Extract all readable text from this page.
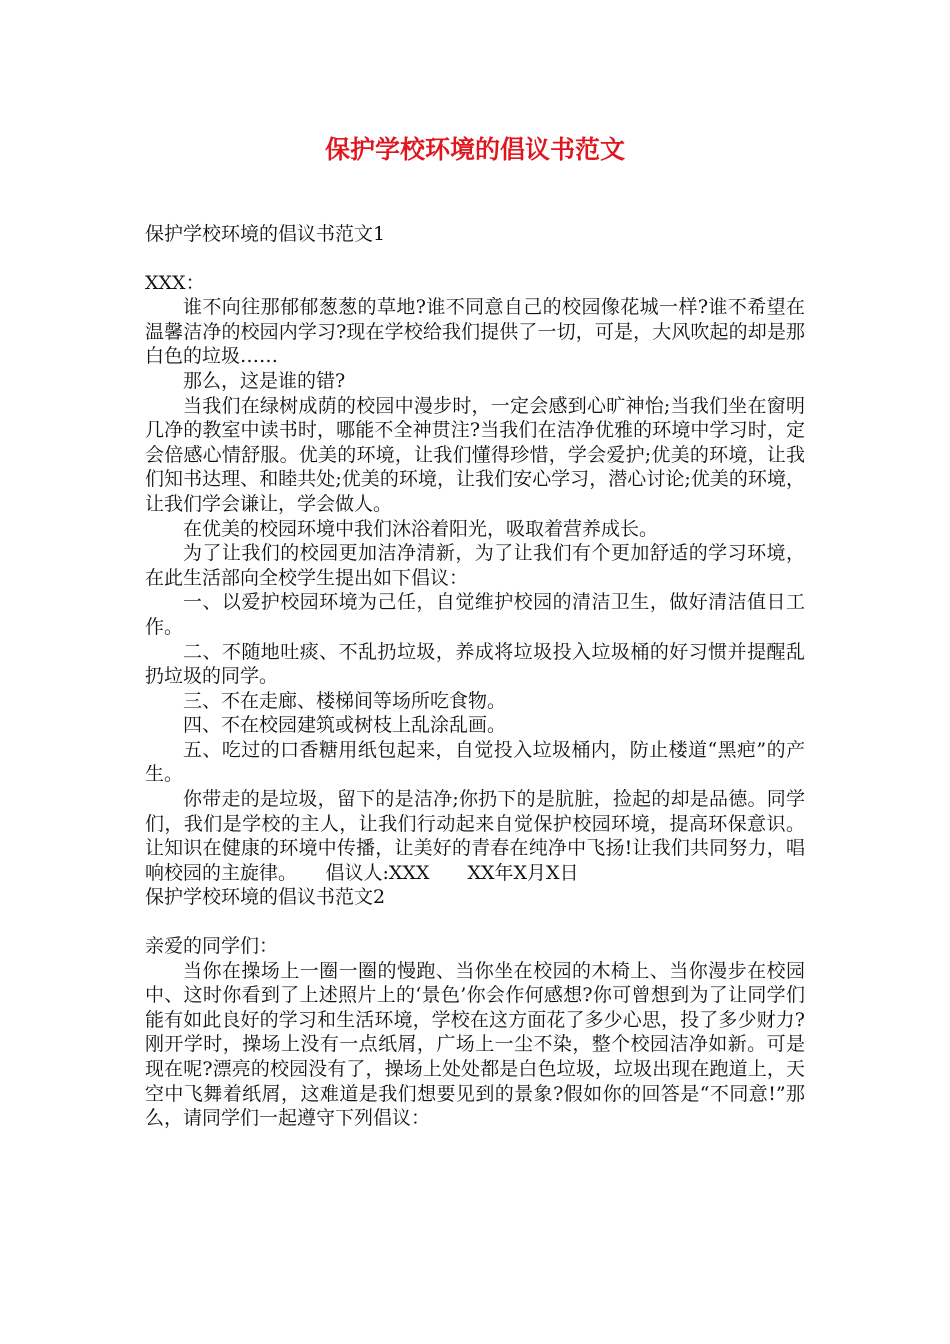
保护学校环境的倡议书范文

保护学校环境的倡议书范文1

XXX：

谁不向往那郁郁葱葱的草地?谁不同意自己的校园像花城一样?谁不希望在温馨洁净的校园内学习?现在学校给我们提供了一切，可是，大风吹起的却是那白色的垃圾……

那么，这是谁的错?

当我们在绿树成荫的校园中漫步时，一定会感到心旷神怡;当我们坐在窗明几净的教室中读书时，哪能不全神贯注?当我们在洁净优雅的环境中学习时，定会倍感心情舒服。优美的环境，让我们懂得珍惜，学会爱护;优美的环境，让我们知书达理、和睦共处;优美的环境，让我们安心学习，潜心讨论;优美的环境，让我们学会谦让，学会做人。

在优美的校园环境中我们沐浴着阳光，吸取着营养成长。

为了让我们的校园更加洁净清新，为了让我们有个更加舒适的学习环境，在此生活部向全校学生提出如下倡议：

一、以爱护校园环境为己任，自觉维护校园的清洁卫生，做好清洁值日工作。

二、不随地吐痰、不乱扔垃圾，养成将垃圾投入垃圾桶的好习惯并提醒乱扔垃圾的同学。

三、不在走廊、楼梯间等场所吃食物。

四、不在校园建筑或树枝上乱涂乱画。

五、吃过的口香糖用纸包起来，自觉投入垃圾桶内，防止楼道“黑疤”的产生。

你带走的是垃圾，留下的是洁净;你扔下的是肮脏，捡起的却是品德。同学们，我们是学校的主人，让我们行动起来自觉保护校园环境，提高环保意识。让知识在健康的环境中传播，让美好的青春在纯净中飞扬!让我们共同努力，唱响校园的主旋律。　　倡议人:XXX　　XX年X月X日

保护学校环境的倡议书范文2

亲爱的同学们：

当你在操场上一圈一圈的慢跑、当你坐在校园的木椅上、当你漫步在校园中、这时你看到了上述照片上的‘景色’你会作何感想?你可曾想到为了让同学们能有如此良好的学习和生活环境，学校在这方面花了多少心思，投了多少财力? 刚开学时，操场上没有一点纸屑，广场上一尘不染，整个校园洁净如新。可是现在呢?漂亮的校园没有了，操场上处处都是白色垃圾，垃圾出现在跑道上，天空中飞舞着纸屑，这难道是我们想要见到的景象?假如你的回答是“不同意!”那么，请同学们一起遵守下列倡议：
